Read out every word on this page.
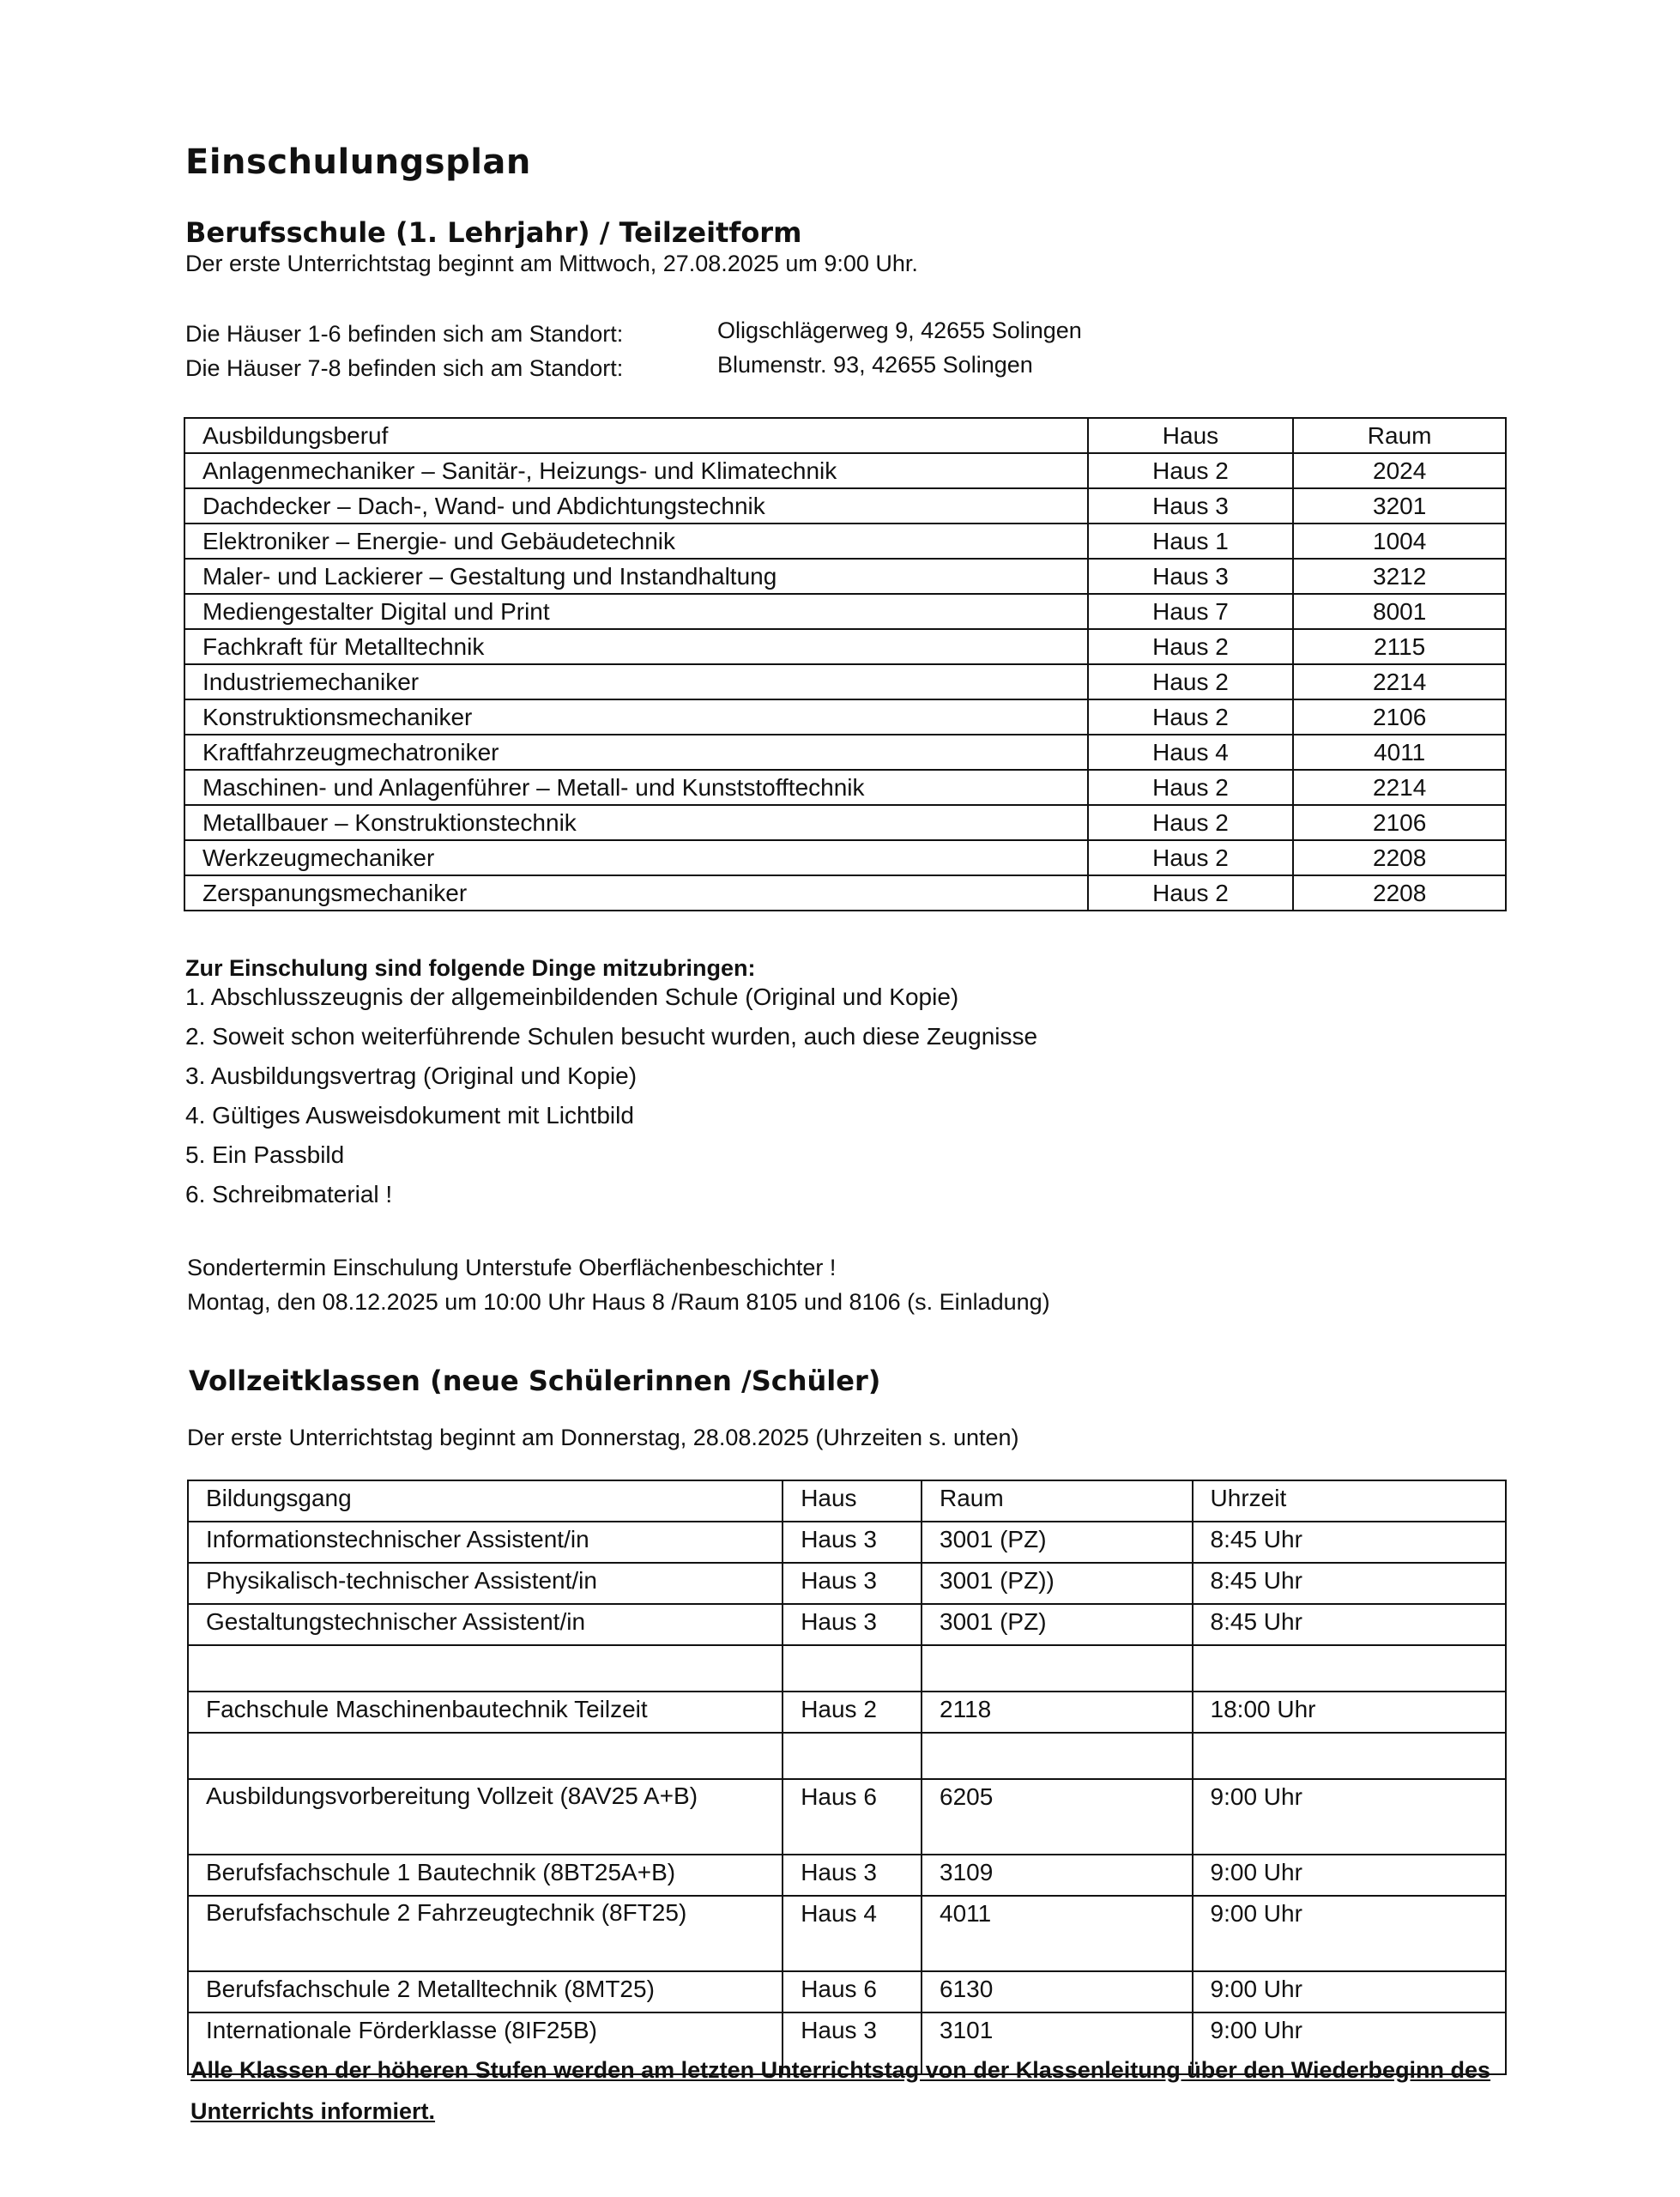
Einschulungsplan
Berufsschule (1. Lehrjahr) / Teilzeitform
Der erste Unterrichtstag beginnt am Mittwoch, 27.08.2025 um 9:00 Uhr.
Die Häuser 1-6 befinden sich am Standort:	Oligschlägerweg 9, 42655 Solingen
Die Häuser 7-8 befinden sich am Standort:	Blumenstr. 93, 42655 Solingen
Ausbildungsberuf	Haus	Raum
Anlagenmechaniker – Sanitär-, Heizungs- und Klimatechnik	Haus 2	2024
Dachdecker – Dach-, Wand- und Abdichtungstechnik	Haus 3	3201
Elektroniker – Energie- und Gebäudetechnik	Haus 1	1004
Maler- und Lackierer – Gestaltung und Instandhaltung	Haus 3	3212
Mediengestalter Digital und Print	Haus 7	8001
Fachkraft für Metalltechnik	Haus 2	2115
Industriemechaniker	Haus 2	2214
Konstruktionsmechaniker	Haus 2	2106
Kraftfahrzeugmechatroniker	Haus 4	4011
Maschinen- und Anlagenführer – Metall- und Kunststofftechnik	Haus 2	2214
Metallbauer – Konstruktionstechnik	Haus 2	2106
Werkzeugmechaniker	Haus 2	2208
Zerspanungsmechaniker	Haus 2	2208
Zur Einschulung sind folgende Dinge mitzubringen:
1. Abschlusszeugnis der allgemeinbildenden Schule (Original und Kopie)
2. Soweit schon weiterführende Schulen besucht wurden, auch diese Zeugnisse
3. Ausbildungsvertrag (Original und Kopie)
4. Gültiges Ausweisdokument mit Lichtbild
5. Ein Passbild
6. Schreibmaterial !
Sondertermin Einschulung Unterstufe Oberflächenbeschichter !
Montag, den 08.12.2025 um 10:00 Uhr Haus 8 /Raum 8105 und 8106 (s. Einladung)
Vollzeitklassen (neue Schülerinnen /Schüler)
Der erste Unterrichtstag beginnt am Donnerstag, 28.08.2025 (Uhrzeiten s. unten)
Bildungsgang	Haus	Raum	Uhrzeit
Informationstechnischer Assistent/in	Haus 3	3001 (PZ)	8:45 Uhr
Physikalisch-technischer Assistent/in	Haus 3	3001 (PZ))	8:45 Uhr
Gestaltungstechnischer Assistent/in	Haus 3	3001 (PZ)	8:45 Uhr

Fachschule Maschinenbautechnik Teilzeit	Haus 2	2118	18:00 Uhr

Ausbildungsvorbereitung Vollzeit (8AV25 A+B)	Haus 6	6205	9:00 Uhr
Berufsfachschule 1 Bautechnik (8BT25A+B)	Haus 3	3109	9:00 Uhr
Berufsfachschule 2 Fahrzeugtechnik (8FT25)	Haus 4	4011	9:00 Uhr
Berufsfachschule 2 Metalltechnik (8MT25)	Haus 6	6130	9:00 Uhr
Internationale Förderklasse (8IF25B)	Haus 3	3101	9:00 Uhr
Alle Klassen der höheren Stufen werden am letzten Unterrichtstag von der Klassenleitung über den Wiederbeginn des Unterrichts informiert.
